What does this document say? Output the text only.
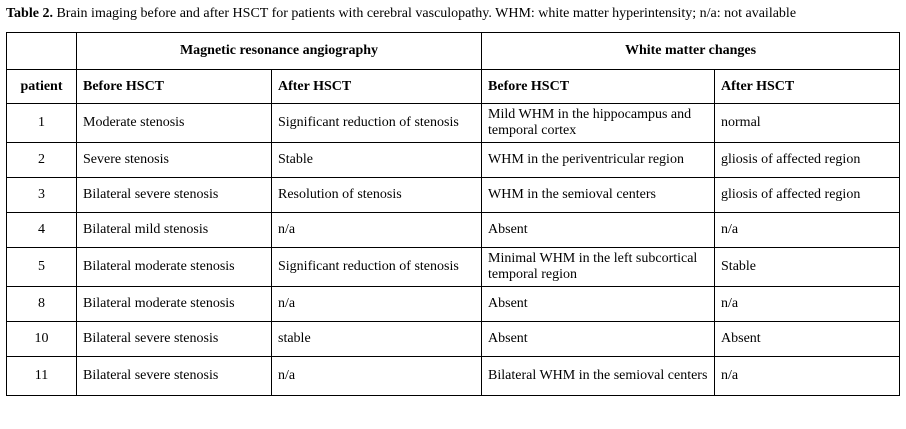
Table 2. Brain imaging before and after HSCT for patients with cerebral vasculopathy. WHM: white matter hyperintensity; n/a: not available
	Magnetic resonance angiography		White matter changes	
patient	Before HSCT	After HSCT	Before HSCT	After HSCT
1	Moderate stenosis	Significant reduction of stenosis	Mild WHM in the hippocampus and temporal cortex	normal
2	Severe stenosis	Stable	WHM in the periventricular region	gliosis of affected region
3	Bilateral severe stenosis	Resolution of stenosis	WHM in the semioval centers	gliosis of affected region
4	Bilateral mild stenosis	n/a	Absent	n/a
5	Bilateral moderate stenosis	Significant reduction of stenosis	Minimal WHM in the left subcortical temporal region	Stable
8	Bilateral moderate stenosis	n/a	Absent	n/a
10	Bilateral severe stenosis	stable	Absent	Absent
11	Bilateral severe stenosis	n/a	Bilateral WHM in the semioval centers	n/a
